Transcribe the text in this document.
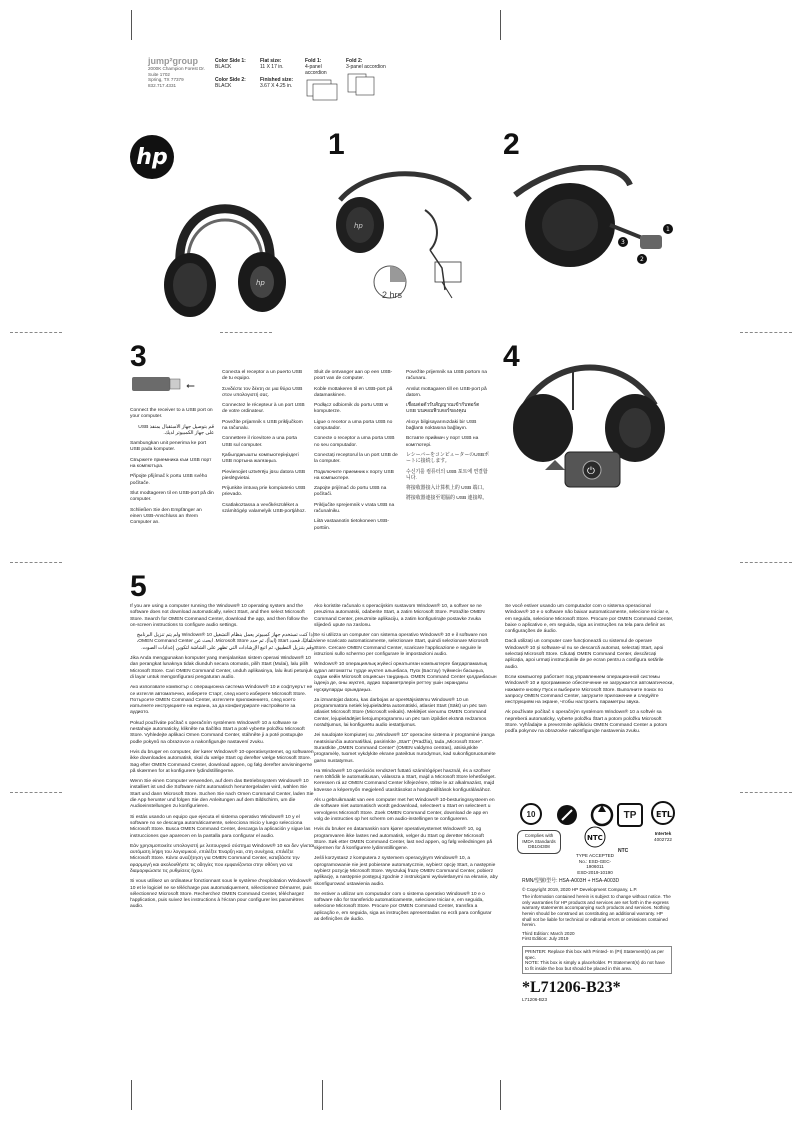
jump²group
2000K Champion Forest Dr.
Suite 1702
Spring, TX 77379
832.717.4331
Color Side 1:
BLACK
Color Side 2:
BLACK
Flat size:
11 X 17 in.
Finished size:
3.67 X 4.25 in.
Fold 1:
4-panel accordion
Fold 2:
3-panel accordion
hp
hp
1
hp
2 hrs
2
3
2
1
3
⭠

Connect the receiver to a USB port on your computer.

قم بتوصيل جهاز الاستقبال بمنفذ USB على جهاز الكمبيوتر لديك.

Sambungkan unit penerima ke port USB pada komputer.

Свържете приемника към USB порт на компютъра.

Připojte přijímač k portu USB svého počítače.

Slut modtageren til en USB-port på din computer.

Schließen Sie den Empfänger an einen USB-Anschluss an Ihrem Computer an.

Conecta el receptor a un puerto USB de tu equipo.

Συνδέστε τον δέκτη σε μια θύρα USB στον υπολογιστή σας.

Connectez le récepteur à un port USB de votre ordinateur.

Povežite prijamnik s USB priključkom na računalu.

Connettere il ricevitore a una porta USB sul computer.

Қабылдағышты компьютеріңіздегі USB портына жалғаңыз.

Pievienojiet uztvērēju jūsu datora USB pieslēgvietai.

Prijunkite imtuvą prie kompiuterio USB prievado.

Csatlakoztassa a vevőkészüléket a számítógép valamelyik USB-portjához.

Sluit de ontvanger aan op een USB-poort van de computer.

Koble mottakeren til en USB-port på datamaskinen.

Podłącz odbiornik do portu USB w komputerze.

Ligue o recetor a uma porta USB no computador.

Conecte o receptor a uma porta USB no seu computador.

Conectați receptorul la un port USB de la computer.

Подключите приемник к порту USB на компьютере.

Zapojte prijímač do portu USB na počítači.

Priključite sprejemnik v vrata USB na računalniku.

Liitä vastaanotin tietokoneen USB-porttiin.

Povežite prijemnik sa USB portom na računaru.

Anslut mottagaren till en USB-port på datorn.

เชื่อมต่อตัวรับสัญญาณเข้ากับพอร์ต USB บนคอมพิวเตอร์ของคุณ

Alıcıyı bilgisayarınızdaki bir USB bağlantı noktasına bağlayın.

Вставте приймач у порт USB на комп'ютері.

レシーバーをコンピューターのUSBポートに接続します。

수신기를 컴퓨터의 USB 포트에 연결합니다.

将接收器接入计算机上的 USB 端口。

將接收器連接至電腦的 USB 連接埠。

4
⏻
5

If you are using a computer running the Windows® 10 operating system and the software does not download automatically, select Start, and then select Microsoft Store. Search for OMEN Command Center, download the app, and then follow the on-screen instructions to configure audio settings.

إذا كنت تستخدم جهاز كمبيوتر يعمل بنظام التشغيل Windows® 10 ولم يتم تنزيل البرنامج تلقائيًا، فحدد Start (ابدأ)، ثم حدد Microsoft Store. ابحث عن OMEN Command Center، وقم بتنزيل التطبيق، ثم اتبع الإرشادات التي تظهر على الشاشة لتكوين إعدادات الصوت.

Jika Anda menggunakan komputer yang menjalankan sistem operasi Windows® 10 dan perangkat lunaknya tidak diunduh secara otomatis, pilih Start (Mulai), lalu pilih Microsoft Store. Cari OMEN Command Center, unduh aplikasinya, lalu ikuti petunjuk di layar untuk mengonfigurasi pengaturan audio.

Ако използвате компютър с операционна система Windows® 10 и софтуерът не се изтегля автоматично, изберете Старт, след което изберете Microsoft Store. Потърсете OMEN Command Center, изтеглете приложението, след което изпълнете инструкциите на екрана, за да конфигурирате настройките за аудиото.

Pokud používáte počítač s operačním systémem Windows® 10 a software se nestahuje automaticky, klikněte na tlačítko Start a poté vyberte položku Microsoft Store. Vyhledejte aplikaci Omen Command Center, stáhněte ji a poté postupujte podle pokynů na obrazovce a nakonfigurujte nastavení zvuku.

Hvis du bruger en computer, der kører Windows® 10-operativsystemet, og softwaren ikke downloades automatisk, skal du vælge Start og derefter vælge Microsoft Store. Søg efter OMEN Command Center, download appen, og følg derefter anvisningerne på skærmen for at konfigurere lydindstillingerne.

Wenn Sie einen Computer verwenden, auf dem das Betriebssystem Windows® 10 installiert ist und die Software nicht automatisch heruntergeladen wird, wählen Sie Start und dann Microsoft Store. Suchen Sie nach Omen Command Center, laden Sie die App herunter und folgen Sie den Anleitungen auf dem Bildschirm, um die Audioeinstellungen zu konfigurieren.

Si estás usando un equipo que ejecuta el sistema operativo Windows® 10 y el software no se descarga automáticamente, selecciona Inicio y luego selecciona Microsoft Store. Busca OMEN Command Center, descarga la aplicación y sigue las instrucciones que aparecen en la pantalla para configurar el audio.

Εάν χρησιμοποιείτε υπολογιστή με λειτουργικό σύστημα Windows® 10 και δεν γίνεται αυτόματη λήψη του λογισμικού, επιλέξτε Έναρξη και, στη συνέχεια, επιλέξτε Microsoft Store. Κάντε αναζήτηση για OMEN Command Center, κατεβάστε την εφαρμογή και ακολουθήστε τις οδηγίες που εμφανίζονται στην οθόνη για να διαμορφώσετε τις ρυθμίσεις ήχου.

Si vous utilisez un ordinateur fonctionnant sous le système d'exploitation Windows® 10 et le logiciel ne se télécharge pas automatiquement, sélectionnez Démarrer, puis sélectionnez Microsoft Store. Recherchez OMEN Command Center, téléchargez l'application, puis suivez les instructions à l'écran pour configurer les paramètres audio.

Ako koristite računalo s operacijskim sustavom Windows® 10, a softver se ne preuzima automatski, odaberite Start, a zatim Microsoft Store. Potražite OMEN Command Center, preuzmite aplikaciju, a zatim konfigurirajte postavke zvuka slijedeći upute na zaslonu.

Se si utilizza un computer con sistema operativo Windows® 10 e il software non viene scaricato automaticamente, selezionare Start, quindi selezionare Microsoft Store. Cercare OMEN Command Center, scaricare l'applicazione e seguire le istruzioni sullo schermo per configurare le impostazioni audio.

Windows® 10 операциялық жүйесі орнатылған компьютерге бағдарламалық құрал автоматты түрде жүктеп алынбаса, Пуск (Бастау) түймесін басыңыз, содан кейін Microsoft опциясын таңдаңыз. OMEN Command Center қолданбасын іздеңіз де, оны жүктеп, аудио параметрлерін реттеу үшін экрандағы нұсқауларды орындаңыз.

Ja izmantojat datoru, kas darbojas ar operētājsistēmu Windows® 10 un programmatūra netiek lejupielādēta automātiski, atlasiet Start (Sākt) un pēc tam atlasiet Microsoft Store (Microsoft veikals). Meklējiet vienumu OMEN Command Center, lejupielādējiet lietojumprogrammu un pēc tam izpildiet ekrānā redzamos norādījumus, lai konfigurētu audio iestatījumus.

Jei naudojate kompiuterį su „Windows® 10“ operacine sistema ir programinė įranga neatsisiunčia automatiškai, pasirinkite „Start“ (Pradžia), tada „Microsoft Store“. Surastkite „OMEN Command Center“ (OMEN valdymo centras), atsisiųskite programėlę, tuomet vykdykite ekrane pateiktus nurodymus, kad sukonfigūruotumėte garso nustatymus.

Ha Windows® 10 operációs rendszert futtató számítógépet használ, és a szoftver nem töltődik le automatikusan, válassza a Start, majd a Microsoft Store lehetőséget. Keressen rá az OMEN Command Center kifejezésre, töltse le az alkalmazást, majd kövesse a képernyőn megjelenő utasításokat a hangbeállítások konfigurálásához.

Als u gebruikmaakt van een computer met het Windows® 10-besturingssysteem en de software niet automatisch wordt gedownload, selecteert u Start en selecteert u vervolgens Microsoft Store. Zoek OMEN Command Center, download de app en volg de instructies op het scherm om audio-instellingen te configureren.

Hvis du bruker en datamaskin som kjører operativsystemet Windows® 10, og programvaren ikke lastes ned automatisk, velger du Start og deretter Microsoft Store. Søk etter OMEN Command Center, last ned appen, og følg veiledningen på skjermen for å konfigurere lydinnstillingene.

Jeśli korzystasz z komputera z systemem operacyjnym Windows® 10, a oprogramowanie nie jest pobierane automatycznie, wybierz opcję Start, a następnie wybierz pozycję Microsoft Store. Wyszukaj frazę OMEN Command Center, pobierz aplikację, a następnie postępuj zgodnie z instrukcjami wyświetlanymi na ekranie, aby skonfigurować ustawienia audio.

Se estiver a utilizar um computador com o sistema operativo Windows® 10 e o software não for transferido automaticamente, selecione Iniciar e, em seguida, selecione Microsoft Store. Procure por OMEN Command Center, transfira a aplicação e, em seguida, siga as instruções apresentadas no ecrã para configurar as definições de áudio.

Se você estiver usando um computador com o sistema operacional Windows® 10 e o software não baixar automaticamente, selecione Iniciar e, em seguida, selecione Microsoft Store. Procure por OMEN Command Center, baixe o aplicativo e, em seguida, siga as instruções na tela para definir as configurações de áudio.

Dacă utilizați un computer care funcționează cu sistemul de operare Windows® 10 și software-ul nu se descarcă automat, selectați Start, apoi selectați Microsoft Store. Căutați OMEN Command Center, descărcați aplicația, apoi urmați instrucțiunile de pe ecran pentru a configura setările audio.

Если компьютер работает под управлением операционной системы Windows® 10 и программное обеспечение не загружается автоматически, нажмите кнопку Пуск и выберите Microsoft Store. Выполните поиск по запросу OMEN Command Center, загрузите приложение и следуйте инструкциям на экране, чтобы настроить параметры звука.

Ak používate počítač s operačným systémom Windows® 10 a softvér sa nepreberá automaticky, vyberte položku Štart a potom položku Microsoft Store. Vyhľadajte a prevezmite aplikáciu OMEN Command Center a potom podľa pokynov na obrazovke nakonfigurujte nastavenia zvuku.

10	TP ETL
Intertek
4002722
Complies with
IMDA Standards
DB104308
NTC
TYPE ACCEPTED
No.: ESD-GEC-1906011
ESD-2019-10190
NTC
RMN/型號/型号: HSA-A003H + HSA-A003D
© Copyright 2019, 2020 HP Development Company, L.P.
The information contained herein is subject to change without notice. The only warranties for HP products and services are set forth in the express warranty statements accompanying such products and services. Nothing herein should be construed as constituting an additional warranty. HP shall not be liable for technical or editorial errors or omissions contained herein.
Third Edition: March 2020
First Edition: July 2019
PRINTER: Replace this box with Printed- In (PI) Statement(s) as per spec.
NOTE: This box is simply a placeholder. PI Statement(s) do not have to fit inside the box but should be placed in this area.
*L71206-B23*
L71206-B23
